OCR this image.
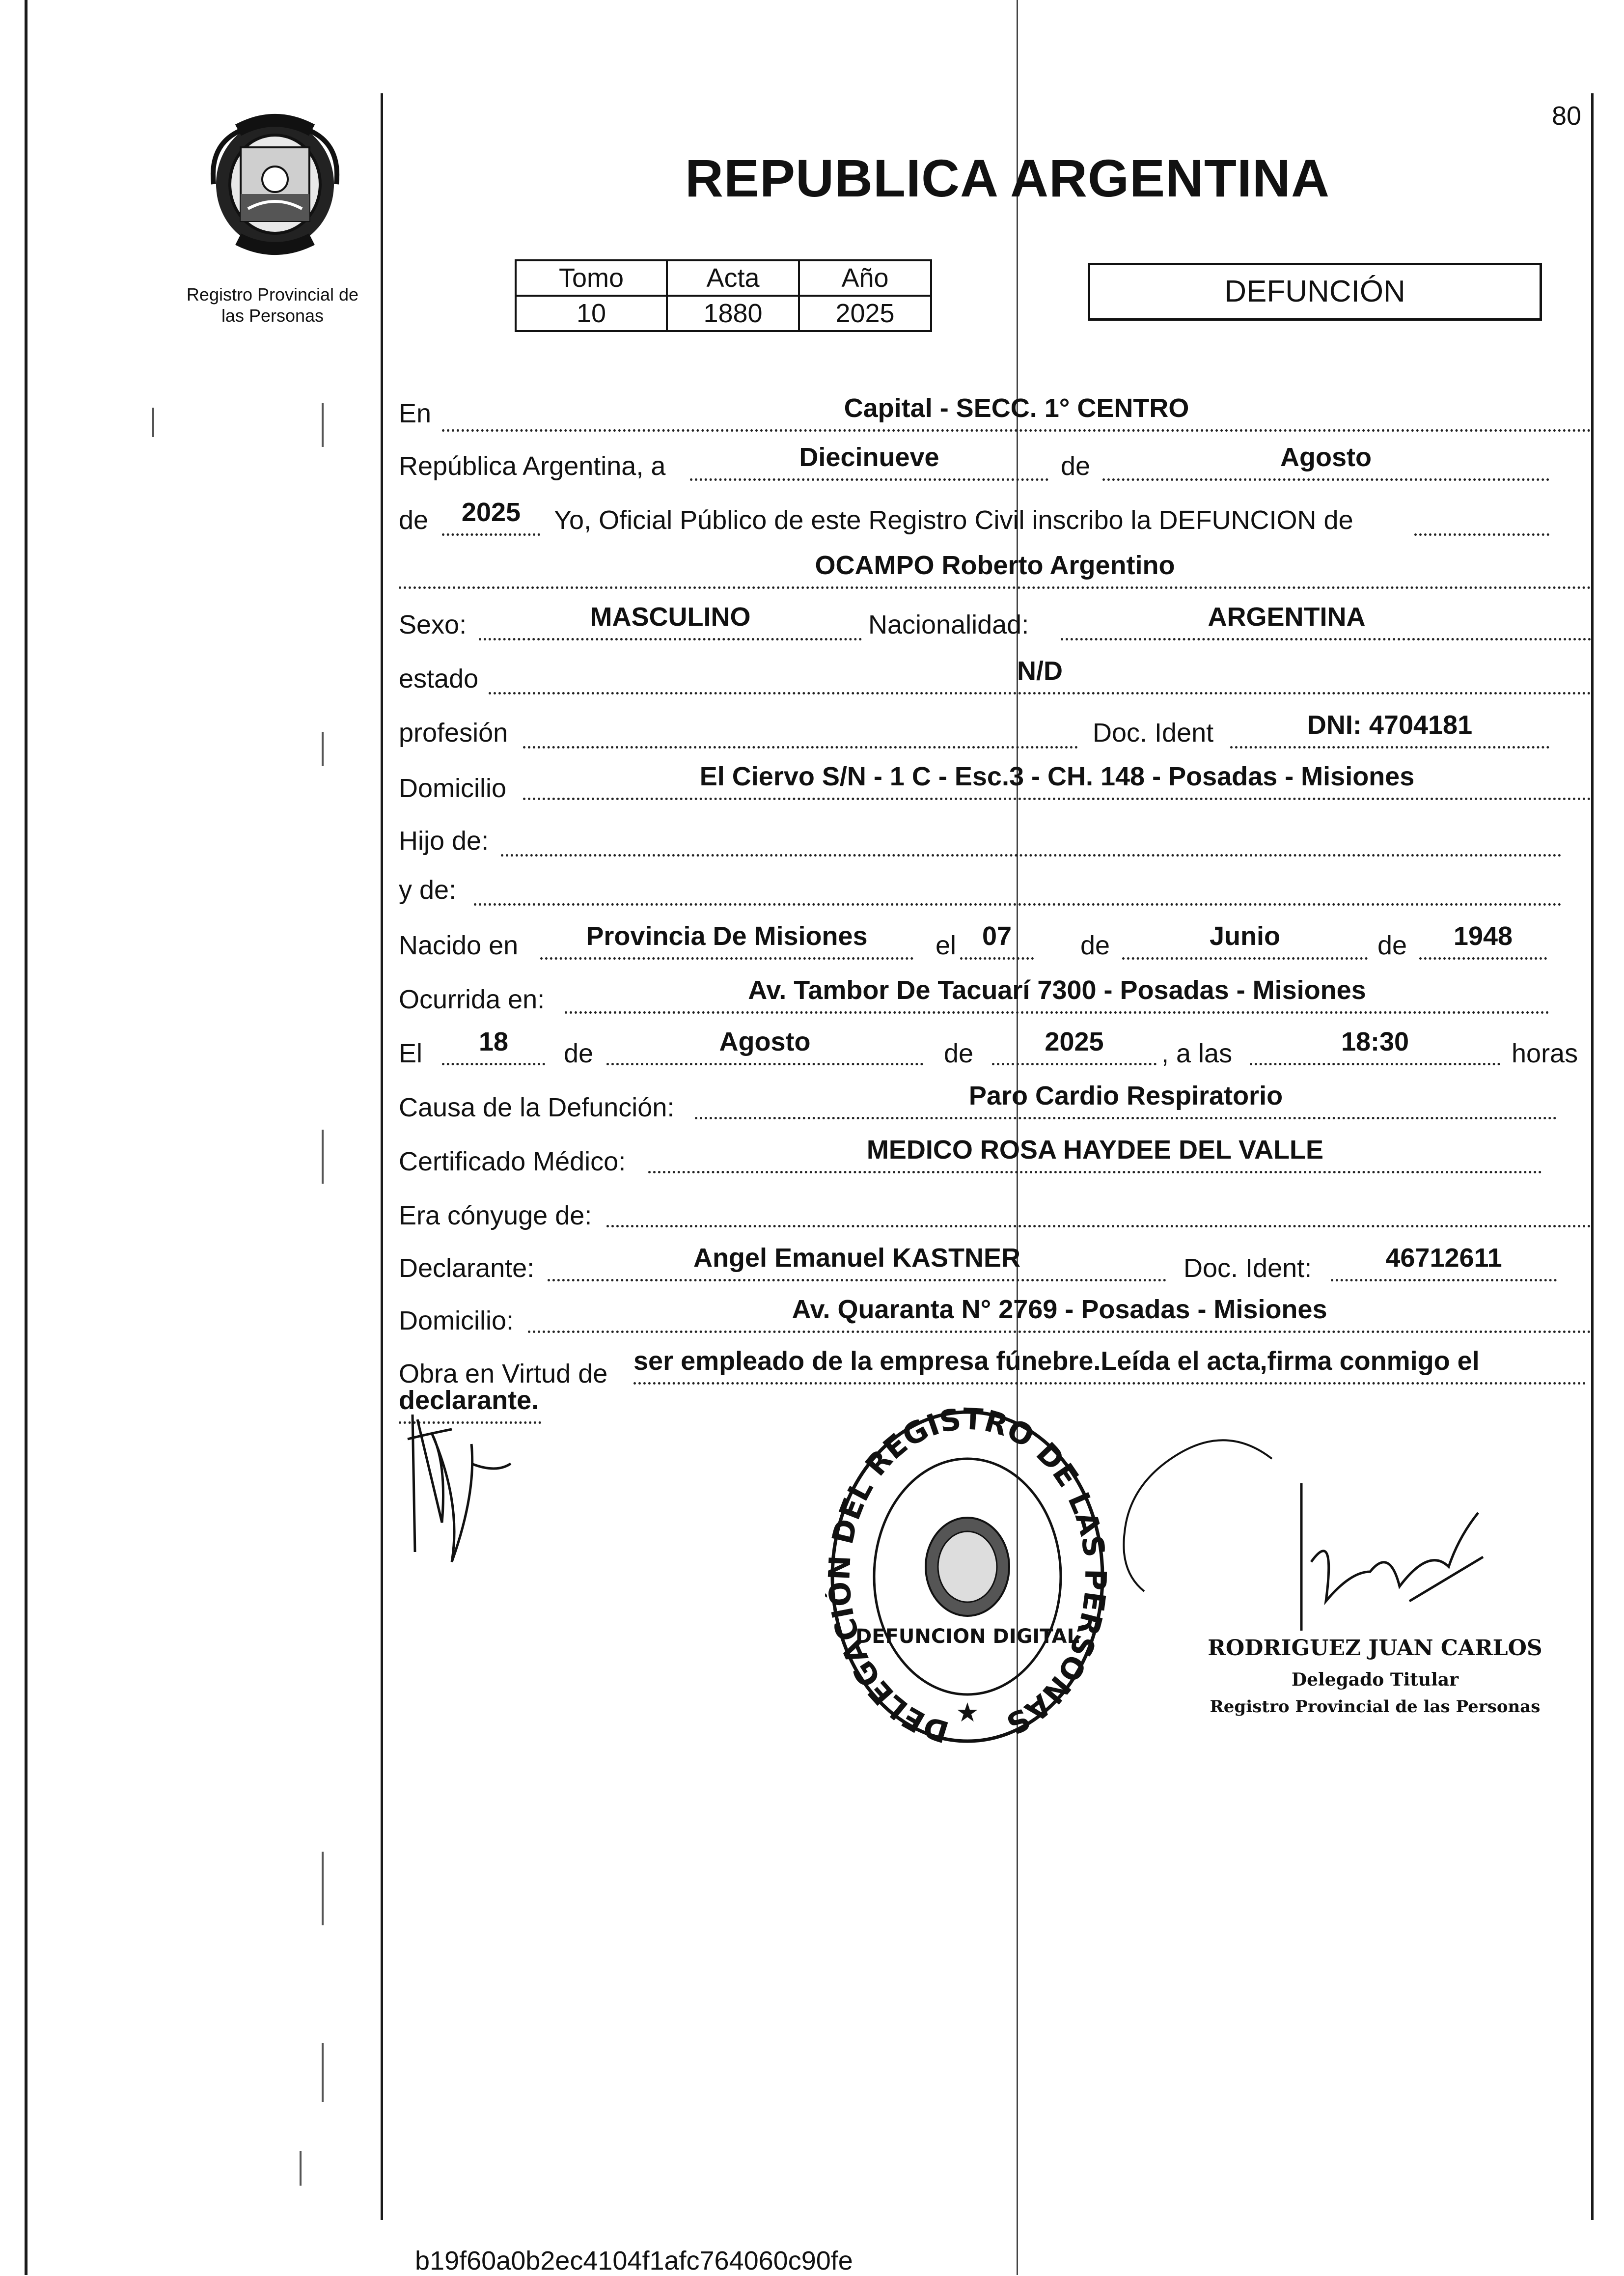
80
Registro Provincial de
las Personas
REPUBLICA ARGENTINA
Tomo	Acta	Año
10	1880	2025
DEFUNCIÓN
En	Capital - SECC. 1° CENTRO
República Argentina, a	Diecinueve	de	Agosto
de	2025	Yo, Oficial Público de este Registro Civil inscribo la DEFUNCION de
OCAMPO Roberto Argentino
Sexo:	MASCULINO	Nacionalidad:	ARGENTINA
estado	N/D
profesión	Doc. Ident	DNI: 4704181
Domicilio	El Ciervo S/N - 1 C - Esc.3 - CH. 148 - Posadas - Misiones
Hijo de:
y de:
Nacido en	Provincia De Misiones	el 07	de	Junio	de	1948
Ocurrida en:	Av. Tambor De Tacuarí 7300 - Posadas - Misiones
El	18	de	Agosto	de	2025	, a las	18:30	horas
Causa de la Defunción:	Paro Cardio Respiratorio
Certificado Médico:	MEDICO ROSA HAYDEE DEL VALLE
Era cónyuge de:
Declarante:	Angel Emanuel KASTNER	Doc. Ident:	46712611
Domicilio:	Av. Quaranta N° 2769 - Posadas - Misiones
Obra en Virtud de ser empleado de la empresa fúnebre.Leída el acta,firma conmigo el
declarante.
DELEGACIÓN DEL REGISTRO DE LAS PERSONAS
DEFUNCION DIGITAL
★
RODRIGUEZ JUAN CARLOS
Delegado Titular
Registro Provincial de las Personas
b19f60a0b2ec4104f1afc764060c90fe
